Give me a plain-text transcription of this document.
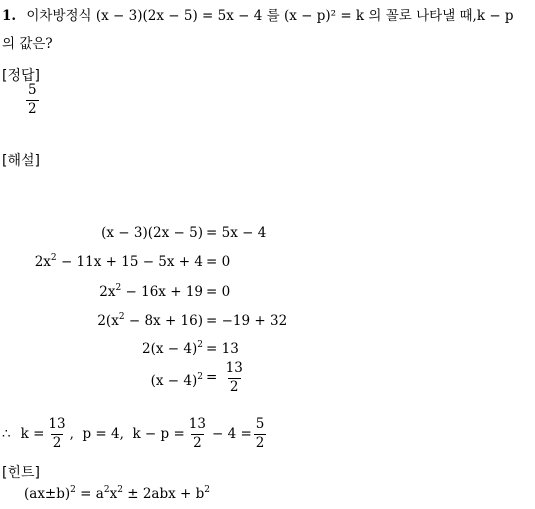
1. 이차방정식 (x − 3)(2x − 5) = 5x − 4 를 (x − p)² = k 의 꼴로 나타낼 때,k − p
의 값은?
[정답]
$\frac{5}{2}$
[해설]
(x − 3)(2x − 5) = 5x − 4
$2x^2 - 11x + 15 - 5x + 4 = 0$
$2x^2 - 16x + 19 = 0$
$2(x^2 - 8x + 16) = -19 + 32$
$2(x - 4)^2 = 13$
$(x - 4)^2 = \frac{13}{2}$
∴ $k = \frac{13}{2}$ ,  p = 4,  $k - p = \frac{13}{2} - 4 = \frac{5}{2}$
[힌트]
$(ax\pm b)^2 = a^2x^2 \pm 2abx + b^2$
